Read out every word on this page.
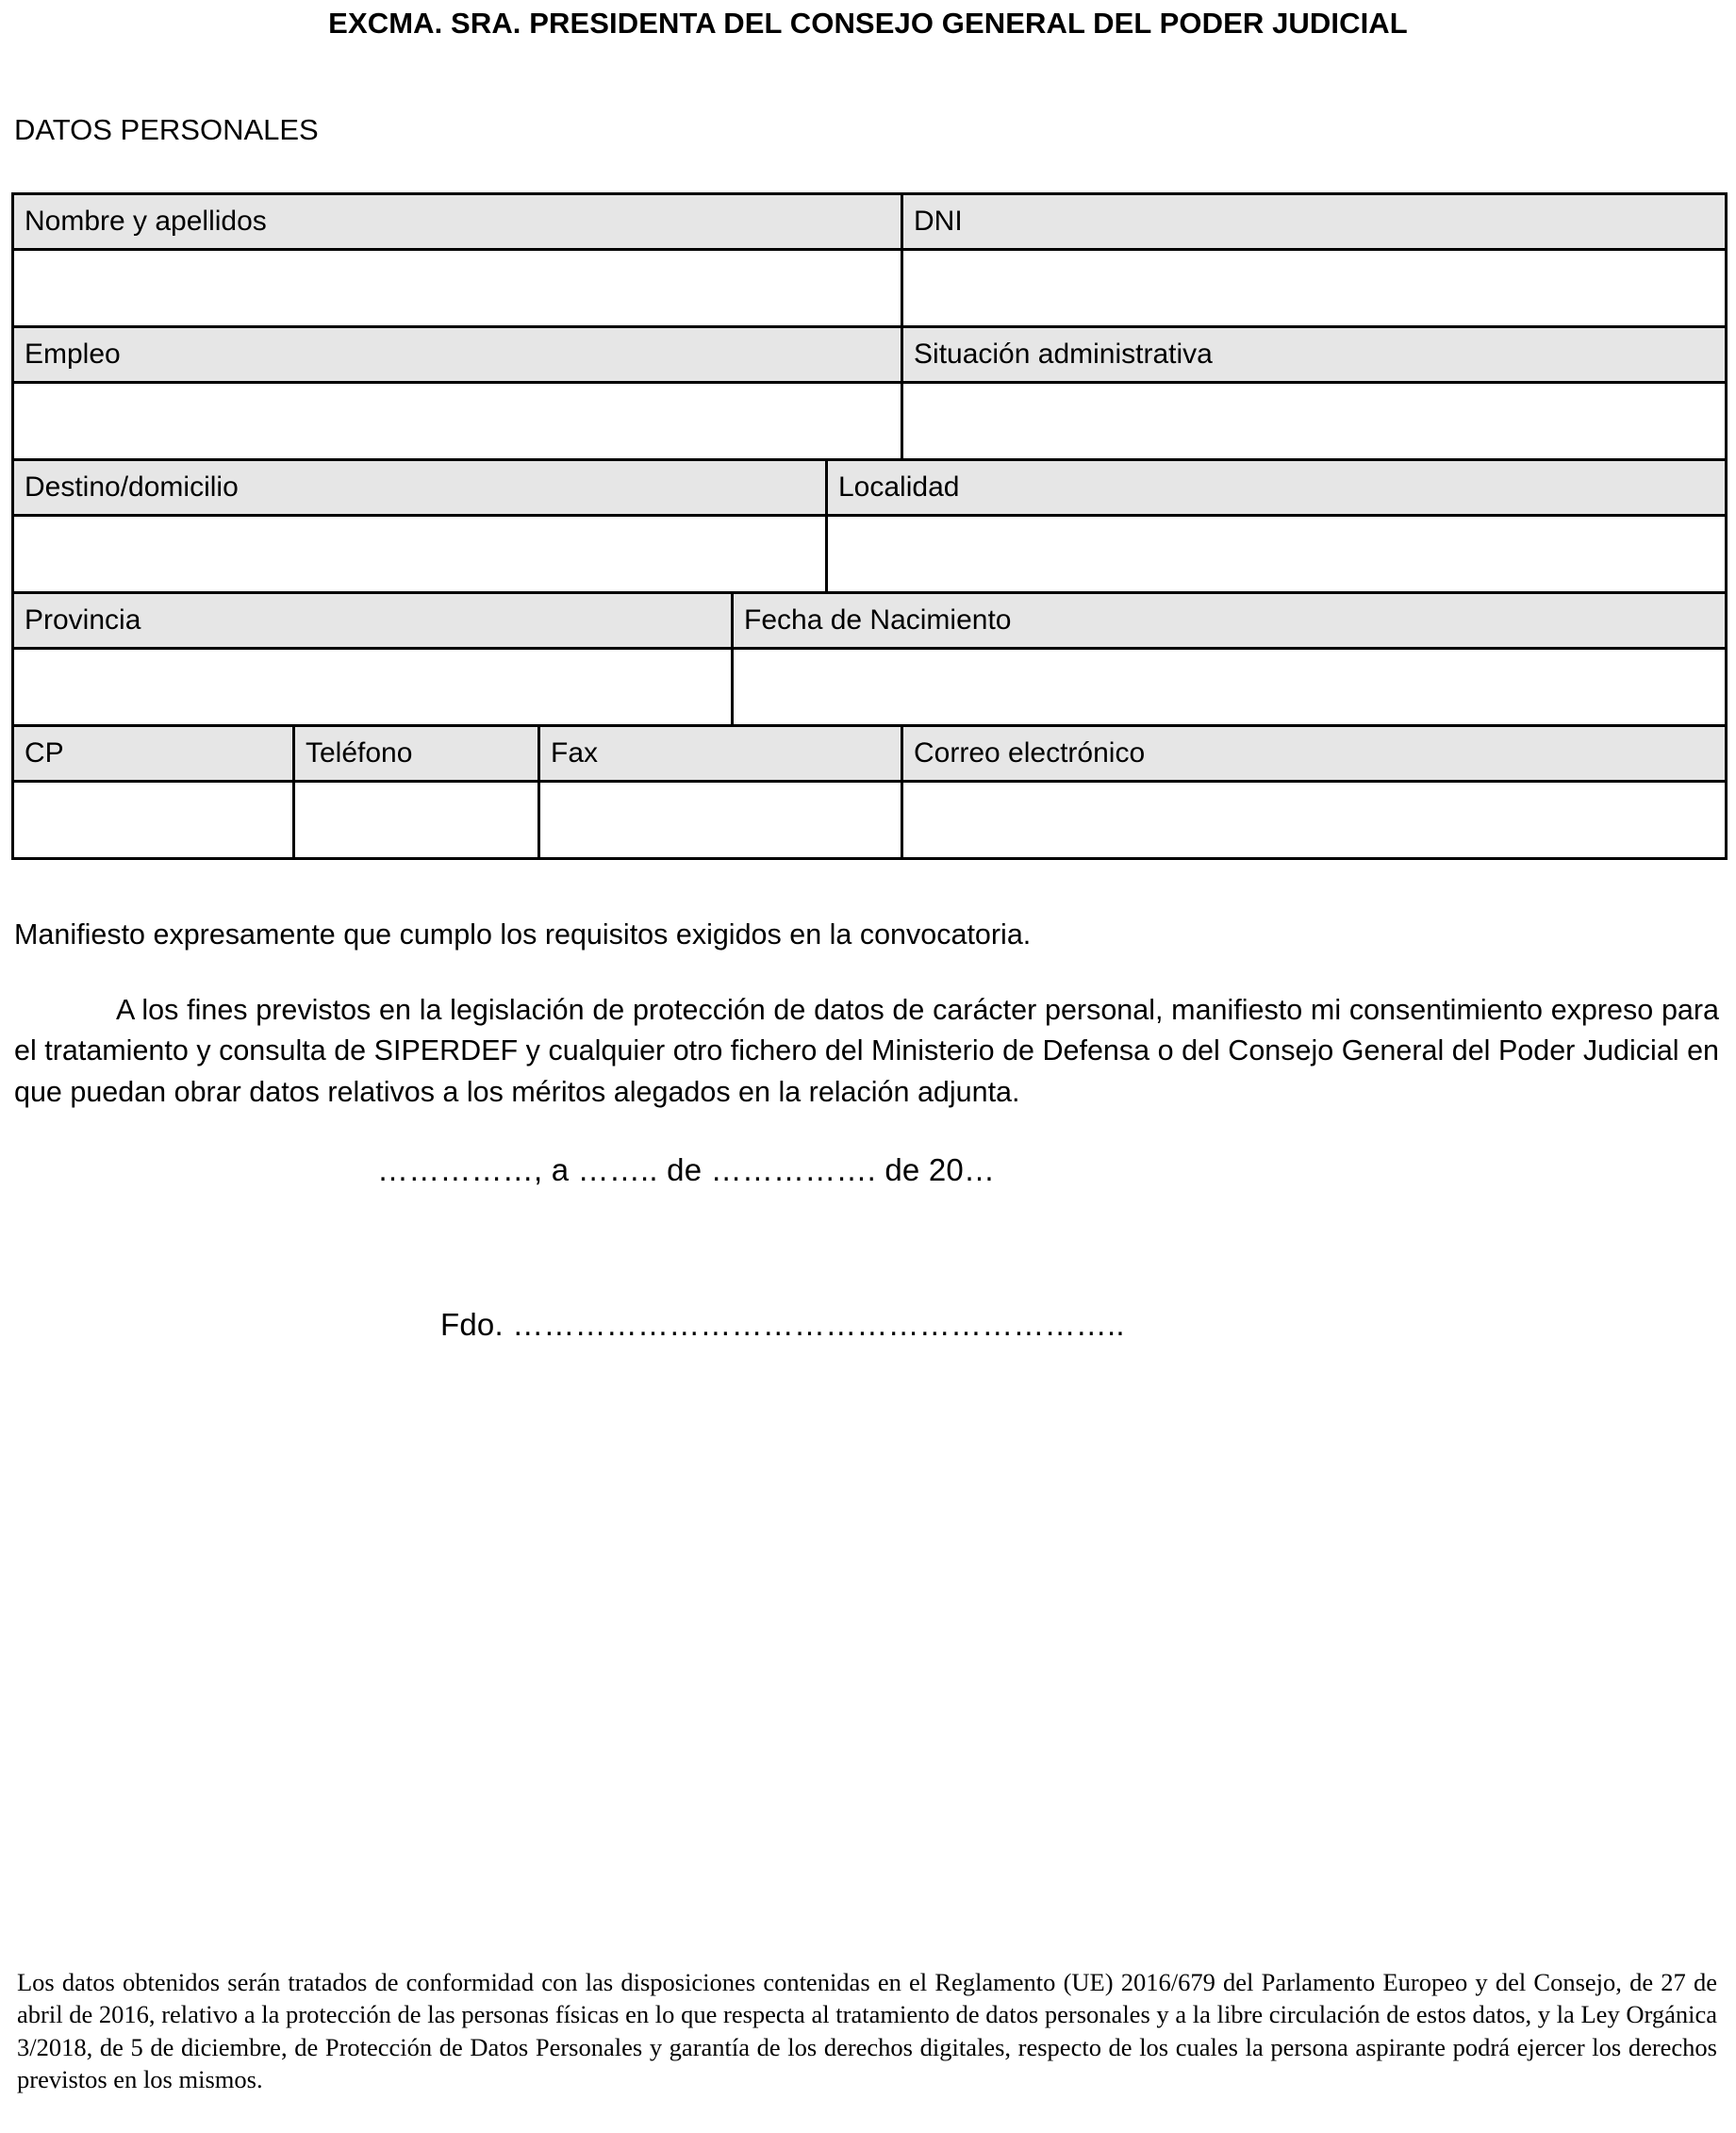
EXCMA. SRA. PRESIDENTA DEL CONSEJO GENERAL DEL PODER JUDICIAL
DATOS PERSONALES
Nombre y apellidos					DNI

Empleo					Situación administrativa

Destino/domicilio				Localidad	

Provincia			Fecha de Nacimiento		

CP	Teléfono	Fax			Correo electrónico

Manifiesto expresamente que cumplo los requisitos exigidos en la convocatoria.

A los fines previstos en la legislación de protección de datos de carácter personal, manifiesto mi consentimiento expreso para el tratamiento y consulta de SIPERDEF y cualquier otro fichero del Ministerio de Defensa o del Consejo General del Poder Judicial en que puedan obrar datos relativos a los méritos alegados en la relación adjunta.

……………, a …….. de ……………. de 20…
Fdo. …………………………………………………..
Los datos obtenidos serán tratados de conformidad con las disposiciones contenidas en el Reglamento (UE) 2016/679 del Parlamento Europeo y del Consejo, de 27 de abril de 2016, relativo a la protección de las personas físicas en lo que respecta al tratamiento de datos personales y a la libre circulación de estos datos, y la Ley Orgánica 3/2018, de 5 de diciembre, de Protección de Datos Personales y garantía de los derechos digitales, respecto de los cuales la persona aspirante podrá ejercer los derechos previstos en los mismos.
